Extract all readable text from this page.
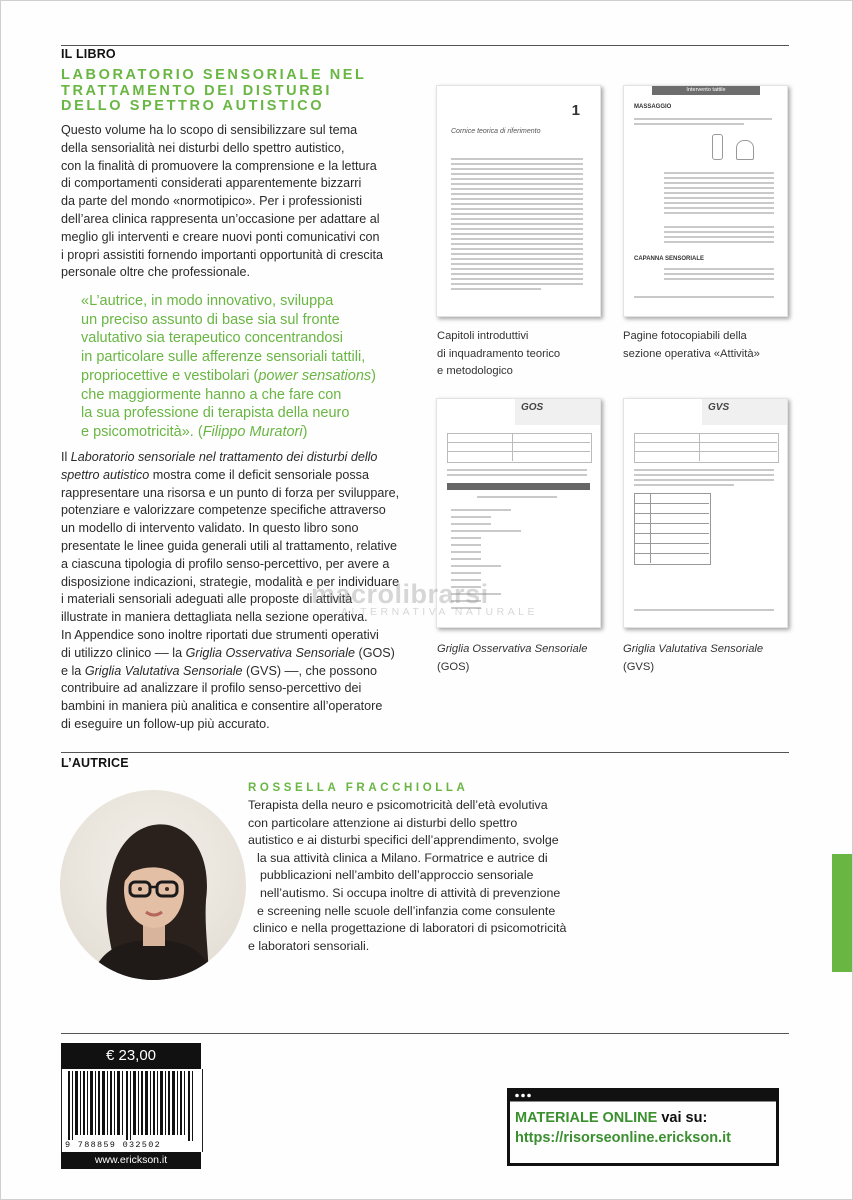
IL LIBRO
LABORATORIO SENSORIALE NEL
TRATTAMENTO DEI DISTURBI
DELLO SPETTRO AUTISTICO
Questo volume ha lo scopo di sensibilizzare sul tema
della sensorialità nei disturbi dello spettro autistico,
con la finalità di promuovere la comprensione e la lettura
di comportamenti considerati apparentemente bizzarri
da parte del mondo «normotipico». Per i professionisti
dell’area clinica rappresenta un’occasione per adattare al
meglio gli interventi e creare nuovi ponti comunicativi con
i propri assistiti fornendo importanti opportunità di crescita
personale oltre che professionale.
«L’autrice, in modo innovativo, sviluppa
un preciso assunto di base sia sul fronte
valutativo sia terapeutico concentrandosi
in particolare sulle afferenze sensoriali tattili,
propriocettive e vestibolari (power sensations)
che maggiormente hanno a che fare con
la sua professione di terapista della neuro
e psicomotricità». (Filippo Muratori)
Il Laboratorio sensoriale nel trattamento dei disturbi dello
spettro autistico mostra come il deficit sensoriale possa
rappresentare una risorsa e un punto di forza per sviluppare,
potenziare e valorizzare competenze specifiche attraverso
un modello di intervento validato. In questo libro sono
presentate le linee guida generali utili al trattamento, relative
a ciascuna tipologia di profilo senso-percettivo, per avere a
disposizione indicazioni, strategie, modalità e per individuare
i materiali sensoriali adeguati alle proposte di attività
illustrate in maniera dettagliata nella sezione operativa.
In Appendice sono inoltre riportati due strumenti operativi
di utilizzo clinico –– la Griglia Osservativa Sensoriale (GOS)
e la Griglia Valutativa Sensoriale (GVS) ––, che possono
contribuire ad analizzare il profilo senso-percettivo dei
bambini in maniera più analitica e consentire all’operatore
di eseguire un follow-up più accurato.
1
Cornice teorica di riferimento
Capitoli introduttivi
di inquadramento teorico
e metodologico
Intervento tattile
MASSAGGIO
CAPANNA SENSORIALE
Pagine fotocopiabili della
sezione operativa «Attività»
GOS
Griglia Osservativa Sensoriale
(GOS)
GVS
Griglia Valutativa Sensoriale
(GVS)
macrolibrarsi
ALTERNATIVA NATURALE
L’AUTRICE
ROSSELLA FRACCHIOLLA
Terapista della neuro e psicomotricità dell’età evolutiva
con particolare attenzione ai disturbi dello spettro
autistico e ai disturbi specifici dell’apprendimento, svolge
la sua attività clinica a Milano. Formatrice e autrice di
pubblicazioni nell’ambito dell’approccio sensoriale
nell’autismo. Si occupa inoltre di attività di prevenzione
e screening nelle scuole dell’infanzia come consulente
clinico e nella progettazione di laboratori di psicomotricità
e laboratori sensoriali.
€ 23,00
9 788859 032502
www.erickson.it
MATERIALE ONLINE vai su:
https://risorseonline.erickson.it
